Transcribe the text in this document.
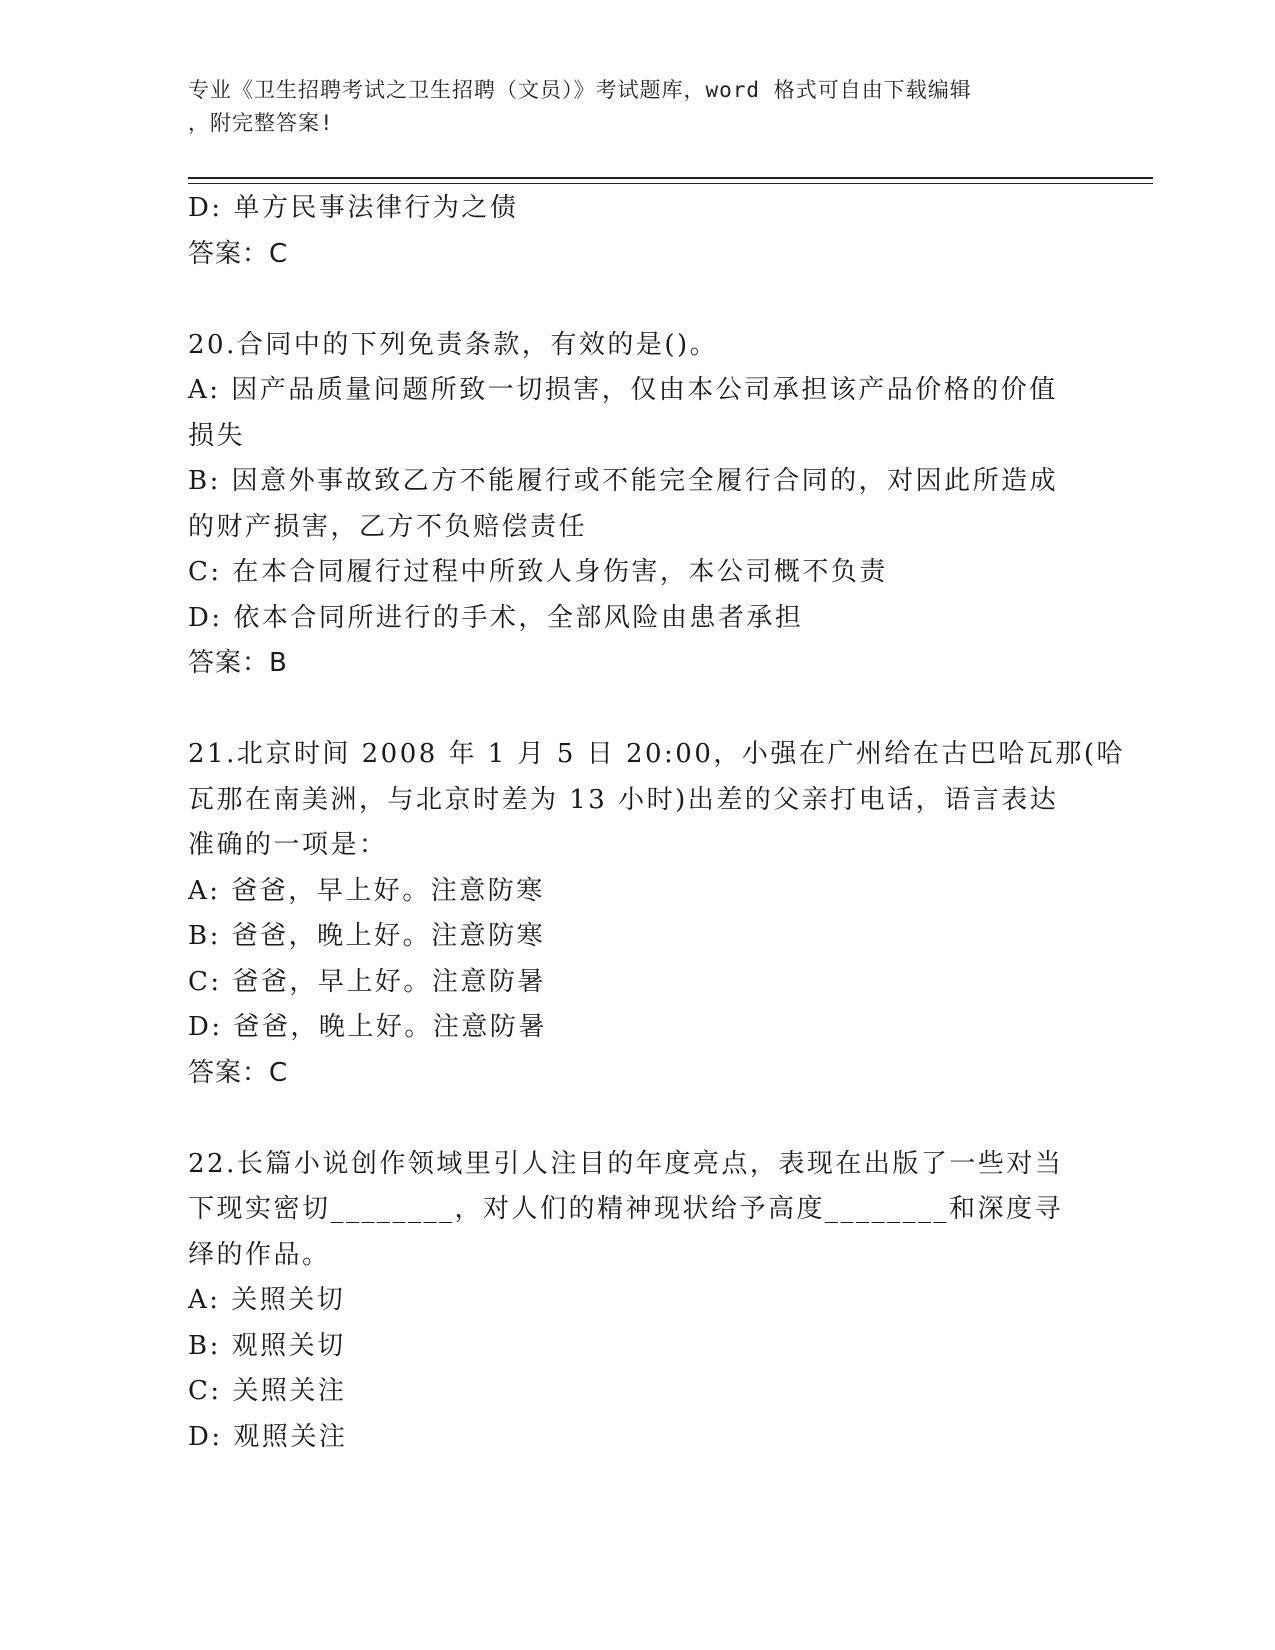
专业《卫生招聘考试之卫生招聘（文员）》考试题库，word 格式可自由下载编辑
，附完整答案!
D: 单方民事法律行为之债
答案：C
20.合同中的下列免责条款，有效的是()。
A: 因产品质量问题所致一切损害，仅由本公司承担该产品价格的价值
损失
B: 因意外事故致乙方不能履行或不能完全履行合同的，对因此所造成
的财产损害，乙方不负赔偿责任
C: 在本合同履行过程中所致人身伤害，本公司概不负责
D: 依本合同所进行的手术，全部风险由患者承担
答案：B
21.北京时间 2008 年 1 月 5 日 20:00，小强在广州给在古巴哈瓦那(哈
瓦那在南美洲，与北京时差为 13 小时)出差的父亲打电话，语言表达
准确的一项是：
A: 爸爸，早上好。注意防寒
B: 爸爸，晚上好。注意防寒
C: 爸爸，早上好。注意防暑
D: 爸爸，晚上好。注意防暑
答案：C
22.长篇小说创作领域里引人注目的年度亮点，表现在出版了一些对当
下现实密切________，对人们的精神现状给予高度________和深度寻
绎的作品。
A: 关照关切
B: 观照关切
C: 关照关注
D: 观照关注
